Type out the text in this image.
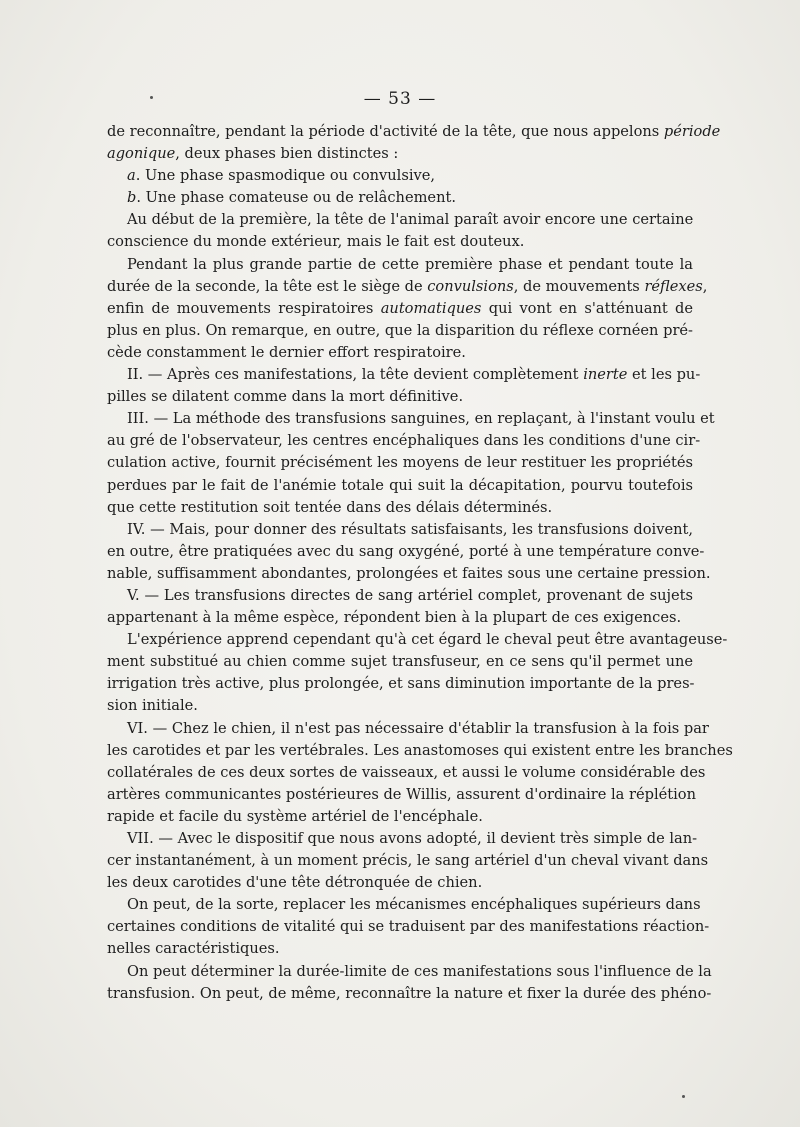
— 53 —
de reconnaître, pendant la période d'activité de la tête, que nous appelons période
agonique, deux phases bien distinctes :
a. Une phase spasmodique ou convulsive,
b. Une phase comateuse ou de relâchement.
Au début de la première, la tête de l'animal paraît avoir encore une certaine
conscience du monde extérieur, mais le fait est douteux.
Pendant la plus grande partie de cette première phase et pendant toute la
durée de la seconde, la tête est le siège de convulsions, de mouvements réflexes,
enfin de mouvements respiratoires automatiques qui vont en s'atténuant de
plus en plus. On remarque, en outre, que la disparition du réflexe cornéen pré-
cède constamment le dernier effort respiratoire.
II. — Après ces manifestations, la tête devient complètement inerte et les pu-
pilles se dilatent comme dans la mort définitive.
III. — La méthode des transfusions sanguines, en replaçant, à l'instant voulu et
au gré de l'observateur, les centres encéphaliques dans les conditions d'une cir-
culation active, fournit précisément les moyens de leur restituer les propriétés
perdues par le fait de l'anémie totale qui suit la décapitation, pourvu toutefois
que cette restitution soit tentée dans des délais déterminés.
IV. — Mais, pour donner des résultats satisfaisants, les transfusions doivent,
en outre, être pratiquées avec du sang oxygéné, porté à une température conve-
nable, suffisamment abondantes, prolongées et faites sous une certaine pression.
V. — Les transfusions directes de sang artériel complet, provenant de sujets
appartenant à la même espèce, répondent bien à la plupart de ces exigences.
L'expérience apprend cependant qu'à cet égard le cheval peut être avantageuse-
ment substitué au chien comme sujet transfuseur, en ce sens qu'il permet une
irrigation très active, plus prolongée, et sans diminution importante de la pres-
sion initiale.
VI. — Chez le chien, il n'est pas nécessaire d'établir la transfusion à la fois par
les carotides et par les vertébrales. Les anastomoses qui existent entre les branches
collatérales de ces deux sortes de vaisseaux, et aussi le volume considérable des
artères communicantes postérieures de Willis, assurent d'ordinaire la réplétion
rapide et facile du système artériel de l'encéphale.
VII. — Avec le dispositif que nous avons adopté, il devient très simple de lan-
cer instantanément, à un moment précis, le sang artériel d'un cheval vivant dans
les deux carotides d'une tête détronquée de chien.
On peut, de la sorte, replacer les mécanismes encéphaliques supérieurs dans
certaines conditions de vitalité qui se traduisent par des manifestations réaction-
nelles caractéristiques.
On peut déterminer la durée-limite de ces manifestations sous l'influence de la
transfusion. On peut, de même, reconnaître la nature et fixer la durée des phéno-
